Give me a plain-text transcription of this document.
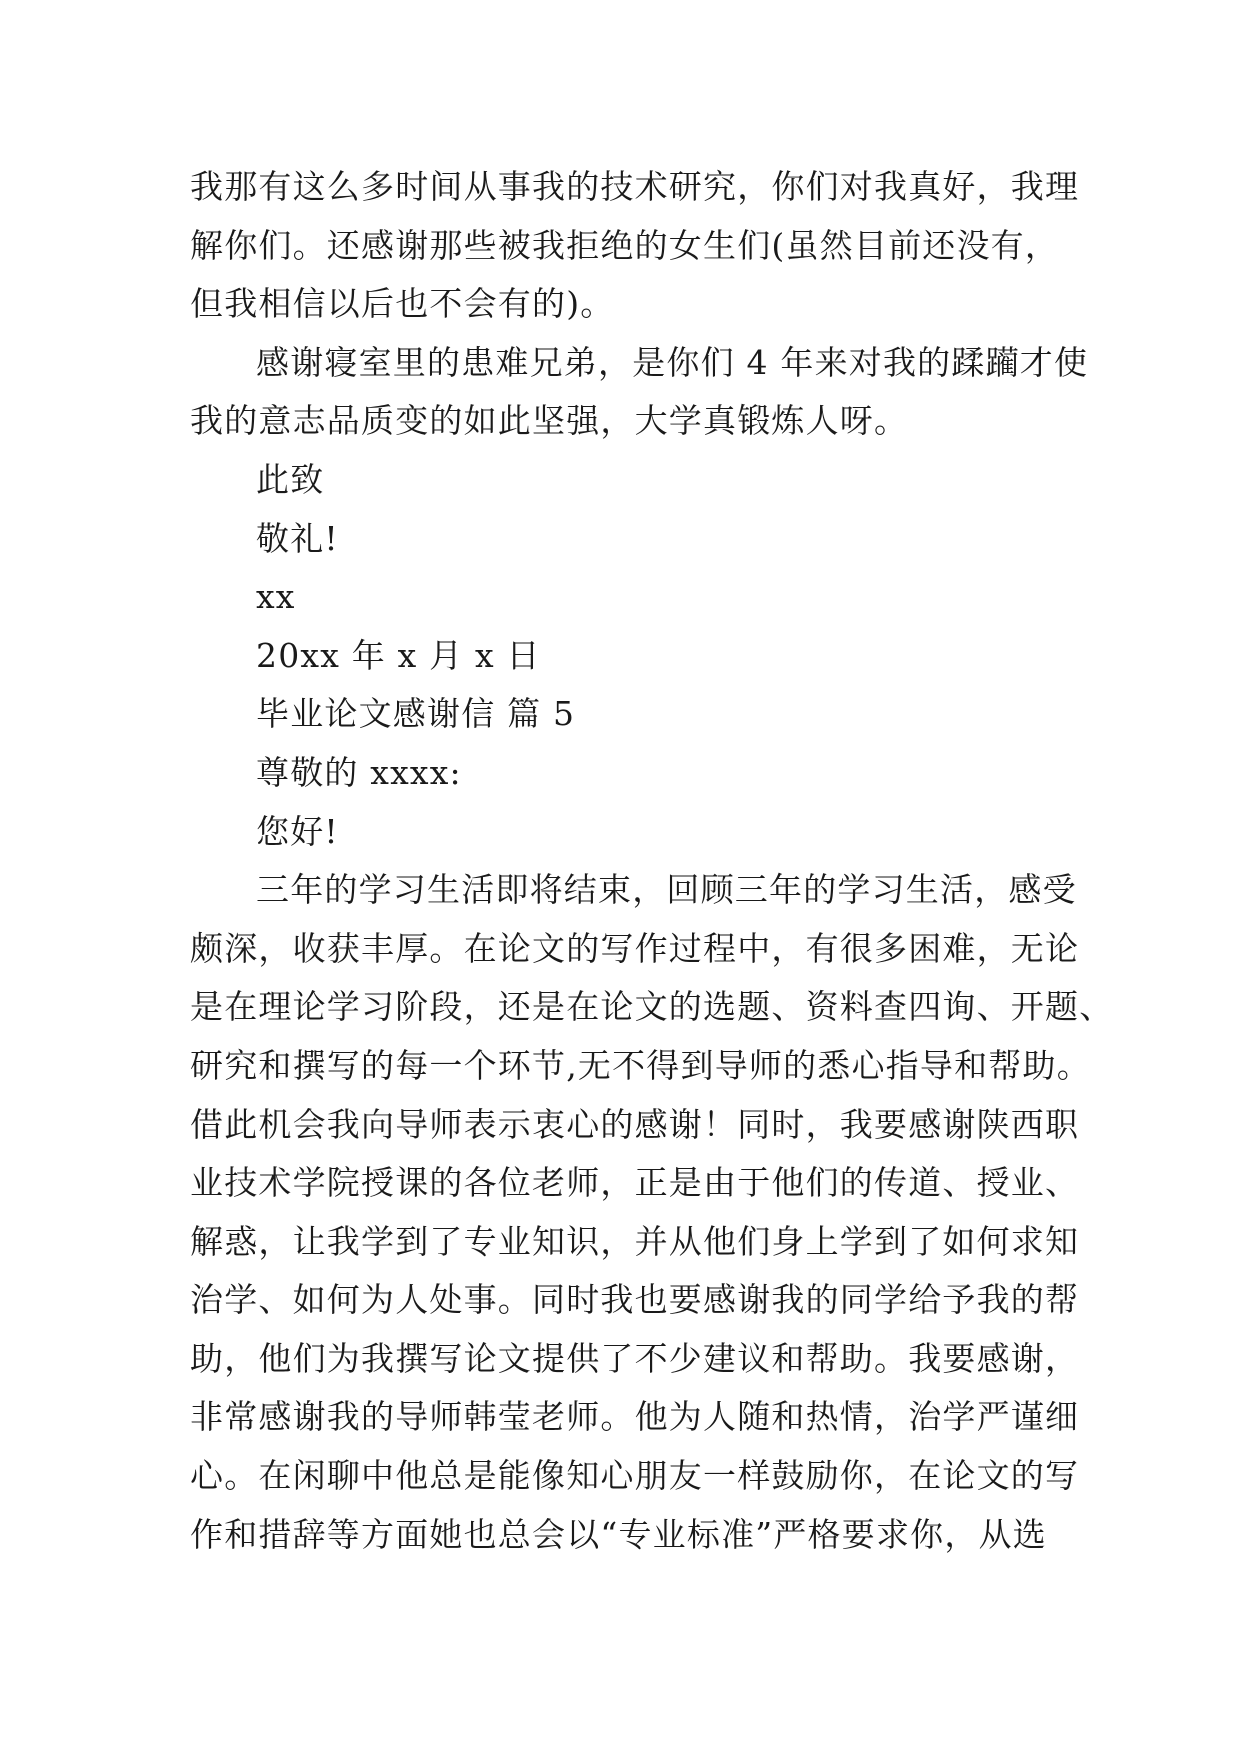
我那有这么多时间从事我的技术研究，你们对我真好，我理
解你们。还感谢那些被我拒绝的女生们(虽然目前还没有，
但我相信以后也不会有的)。
感谢寝室里的患难兄弟，是你们 4 年来对我的蹂躏才使
我的意志品质变的如此坚强，大学真锻炼人呀。
此致
敬礼!
xx
20xx 年 x 月 x 日
毕业论文感谢信 篇 5
尊敬的 xxxx:
您好!
三年的学习生活即将结束，回顾三年的学习生活，感受
颇深，收获丰厚。在论文的写作过程中，有很多困难，无论
是在理论学习阶段，还是在论文的选题、资料查四询、开题、
研究和撰写的每一个环节,无不得到导师的悉心指导和帮助。
借此机会我向导师表示衷心的感谢！同时，我要感谢陕西职
业技术学院授课的各位老师，正是由于他们的传道、授业、
解惑，让我学到了专业知识，并从他们身上学到了如何求知
治学、如何为人处事。同时我也要感谢我的同学给予我的帮
助，他们为我撰写论文提供了不少建议和帮助。我要感谢，
非常感谢我的导师韩莹老师。他为人随和热情，治学严谨细
心。在闲聊中他总是能像知心朋友一样鼓励你，在论文的写
作和措辞等方面她也总会以“专业标准”严格要求你，从选
